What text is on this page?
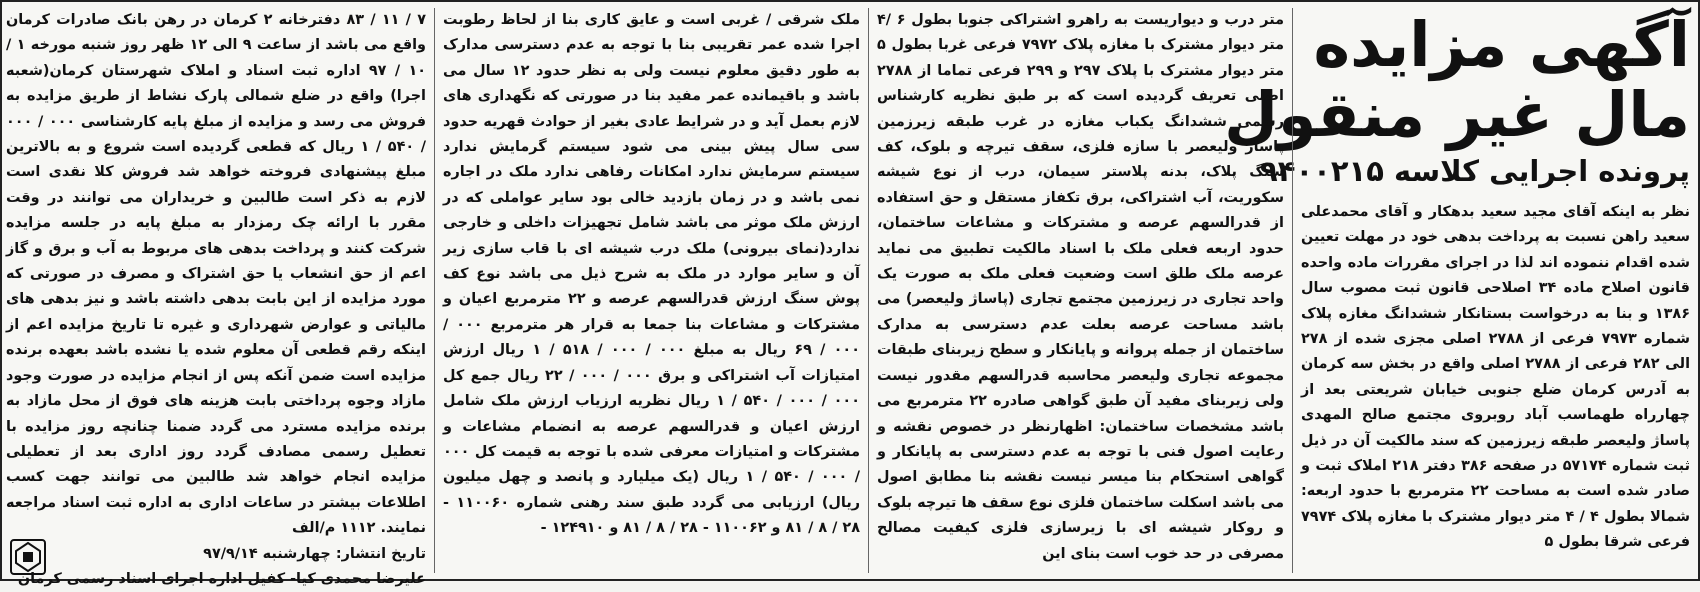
آگهی مزایده
مال غیر منقول
پرونده اجرایی کلاسه ۹۴۰۰۲۱۵

نظر به اینکه آقای مجید سعید بدهکار و آقای محمدعلی سعید راهن نسبت به پرداخت بدهی خود در مهلت تعیین شده اقدام ننموده اند لذا در اجرای مقررات ماده واحده قانون اصلاح ماده ۳۴ اصلاحی قانون ثبت مصوب سال ۱۳۸۶ و بنا به درخواست بستانکار ششدانگ مغازه پلاک شماره ۷۹۷۳ فرعی از ۲۷۸۸ اصلی مجزی شده از ۲۷۸ الی ۲۸۲ فرعی از ۲۷۸۸ اصلی واقع در بخش سه کرمان به آدرس کرمان ضلع جنوبی خیابان شریعتی بعد از چهارراه طهماسب آباد روبروی مجتمع صالح المهدی پاساژ ولیعصر طبقه زیرزمین که سند مالکیت آن در ذیل ثبت شماره ۵۷۱۷۴ در صفحه ۳۸۶ دفتر ۲۱۸ املاک ثبت و صادر شده است به مساحت ۲۲ مترمربع با حدود اربعه: شمالا بطول ۴ / ۴ متر دیوار مشترک با مغازه پلاک ۷۹۷۴ فرعی شرقا بطول ۵

متر درب و دیواریست به راهرو اشتراکی جنوبا بطول ۶ /۴ متر دیوار مشترک با مغازه پلاک ۷۹۷۲ فرعی غربا بطول ۵ متر دیوار مشترک با پلاک ۲۹۷ و ۲۹۹ فرعی تماما از ۲۷۸۸ اصلی تعریف گردیده است که بر طبق نظریه کارشناس رسمی ششدانگ یکباب مغازه در غرب طبقه زیرزمین پاساژ ولیعصر با سازه فلزی، سقف تیرچه و بلوک، کف سنگ پلاک، بدنه پلاستر سیمان، درب از نوع شیشه سکوریت، آب اشتراکی، برق تکفاز مستقل و حق استفاده از قدرالسهم عرصه و مشترکات و مشاعات ساختمان، حدود اربعه فعلی ملک با اسناد مالکیت تطبیق می نماید عرصه ملک طلق است وضعیت فعلی ملک به صورت یک واحد تجاری در زیرزمین مجتمع تجاری (پاساژ ولیعصر) می باشد مساحت عرصه بعلت عدم دسترسی به مدارک ساختمان از جمله پروانه و پایانکار و سطح زیربنای طبقات مجموعه تجاری ولیعصر محاسبه قدرالسهم مقدور نیست ولی زیربنای مفید آن طبق گواهی صادره ۲۲ مترمربع می باشد مشخصات ساختمان: اظهارنظر در خصوص نقشه و رعایت اصول فنی با توجه به عدم دسترسی به پایانکار و گواهی استحکام بنا میسر نیست نقشه بنا مطابق اصول می باشد اسکلت ساختمان فلزی نوع سقف ها تیرچه بلوک و روکار شیشه ای با زیرسازی فلزی کیفیت مصالح مصرفی در حد خوب است بنای این

ملک شرقی / غربی است و عایق کاری بنا از لحاظ رطوبت اجرا شده عمر تقریبی بنا با توجه به عدم دسترسی مدارک به طور دقیق معلوم نیست ولی به نظر حدود ۱۲ سال می باشد و باقیمانده عمر مفید بنا در صورتی که نگهداری های لازم بعمل آید و در شرایط عادی بغیر از حوادث قهریه حدود سی سال پیش بینی می شود سیستم گرمایش ندارد سیستم سرمایش ندارد امکانات رفاهی ندارد ملک در اجاره نمی باشد و در زمان بازدید خالی بود سایر عواملی که در ارزش ملک موثر می باشد شامل تجهیزات داخلی و خارجی ندارد(نمای بیرونی) ملک درب شیشه ای با قاب سازی زیر آن و سایر موارد در ملک به شرح ذیل می باشد نوع کف پوش سنگ ارزش قدرالسهم عرصه و ۲۲ مترمربع اعیان و مشترکات و مشاعات بنا جمعا به قرار هر مترمربع ۰۰۰ / ۰۰۰ / ۶۹ ریال به مبلغ ۰۰۰ / ۰۰۰ / ۵۱۸ / ۱ ریال ارزش امتیازات آب اشتراکی و برق ۰۰۰ / ۰۰۰ / ۲۲ ریال جمع کل ۰۰۰ / ۰۰۰ / ۵۴۰ / ۱ ریال نظریه ارزیاب ارزش ملک شامل ارزش اعیان و قدرالسهم عرصه به انضمام مشاعات و مشترکات و امتیازات معرفی شده با توجه به قیمت کل ۰۰۰ / ۰۰۰ / ۵۴۰ / ۱ ریال (یک میلیارد و پانصد و چهل میلیون ریال) ارزیابی می گردد طبق سند رهنی شماره ۱۱۰۰۶۰ - ۲۸ / ۸ / ۸۱ و ۱۱۰۰۶۲ - ۲۸ / ۸ / ۸۱ و ۱۲۴۹۱۰ -

۷ / ۱۱ / ۸۳ دفترخانه ۲ کرمان در رهن بانک صادرات کرمان واقع می باشد از ساعت ۹ الی ۱۲ ظهر روز شنبه مورخه ۱ / ۱۰ / ۹۷ اداره ثبت اسناد و املاک شهرستان کرمان(شعبه اجرا) واقع در ضلع شمالی پارک نشاط از طریق مزایده به فروش می رسد و مزایده از مبلغ پایه کارشناسی ۰۰۰ / ۰۰۰ / ۵۴۰ / ۱ ریال که قطعی گردیده است شروع و به بالاترین مبلغ پیشنهادی فروخته خواهد شد فروش کلا نقدی است لازم به ذکر است طالبین و خریداران می توانند در وقت مقرر با ارائه چک رمزدار به مبلغ پایه در جلسه مزایده شرکت کنند و پرداخت بدهی های مربوط به آب و برق و گاز اعم از حق انشعاب یا حق اشتراک و مصرف در صورتی که مورد مزایده از این بابت بدهی داشته باشد و نیز بدهی های مالیاتی و عوارض شهرداری و غیره تا تاریخ مزایده اعم از اینکه رقم قطعی آن معلوم شده یا نشده باشد بعهده برنده مزایده است ضمن آنکه پس از انجام مزایده در صورت وجود مازاد وجوه پرداختی بابت هزینه های فوق از محل مازاد به برنده مزایده مسترد می گردد ضمنا چنانچه روز مزایده با تعطیل رسمی مصادف گردد روز اداری بعد از تعطیلی مزایده انجام خواهد شد طالبین می توانند جهت کسب اطلاعات بیشتر در ساعات اداری به اداره ثبت اسناد مراجعه نمایند. ۱۱۱۲ م/الف

تاریخ انتشار: چهارشنبه ۹۷/۹/۱۴
علیرضا محمدی کیا- کفیل اداره اجرای اسناد رسمی کرمان
